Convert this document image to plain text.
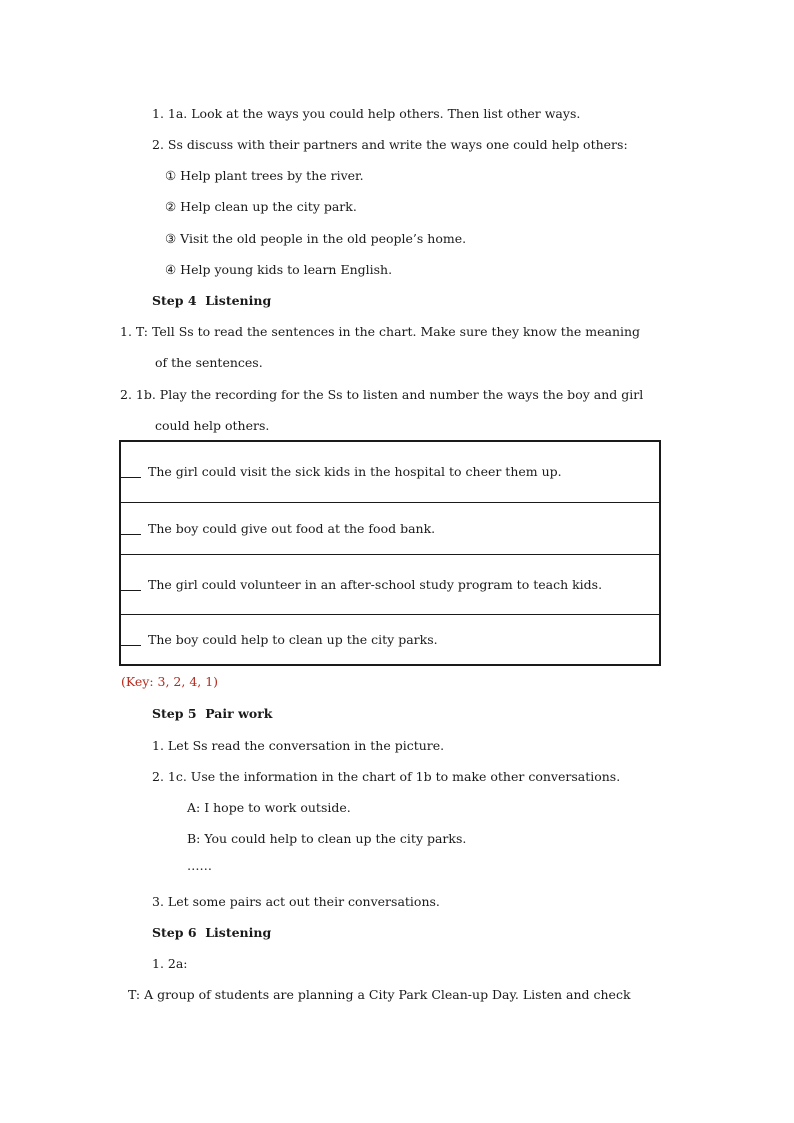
1. 1a. Look at the ways you could help others. Then list other ways.
2. Ss discuss with their partners and write the ways one could help others:
① Help plant trees by the river.
② Help clean up the city park.
③ Visit the old people in the old people’s home.
④ Help young kids to learn English.
Step 4  Listening
1. T: Tell Ss to read the sentences in the chart. Make sure they know the meaning
of the sentences.
2. 1b. Play the recording for the Ss to listen and number the ways the boy and girl
could help others.
The girl could visit the sick kids in the hospital to cheer them up.
The boy could give out food at the food bank.
The girl could volunteer in an after-school study program to teach kids.
The boy could help to clean up the city parks.
(Key: 3, 2, 4, 1)
Step 5  Pair work
1. Let Ss read the conversation in the picture.
2. 1c. Use the information in the chart of 1b to make other conversations.
A: I hope to work outside.
B: You could help to clean up the city parks.
……
3. Let some pairs act out their conversations.
Step 6  Listening
1. 2a:
T: A group of students are planning a City Park Clean-up Day. Listen and check
